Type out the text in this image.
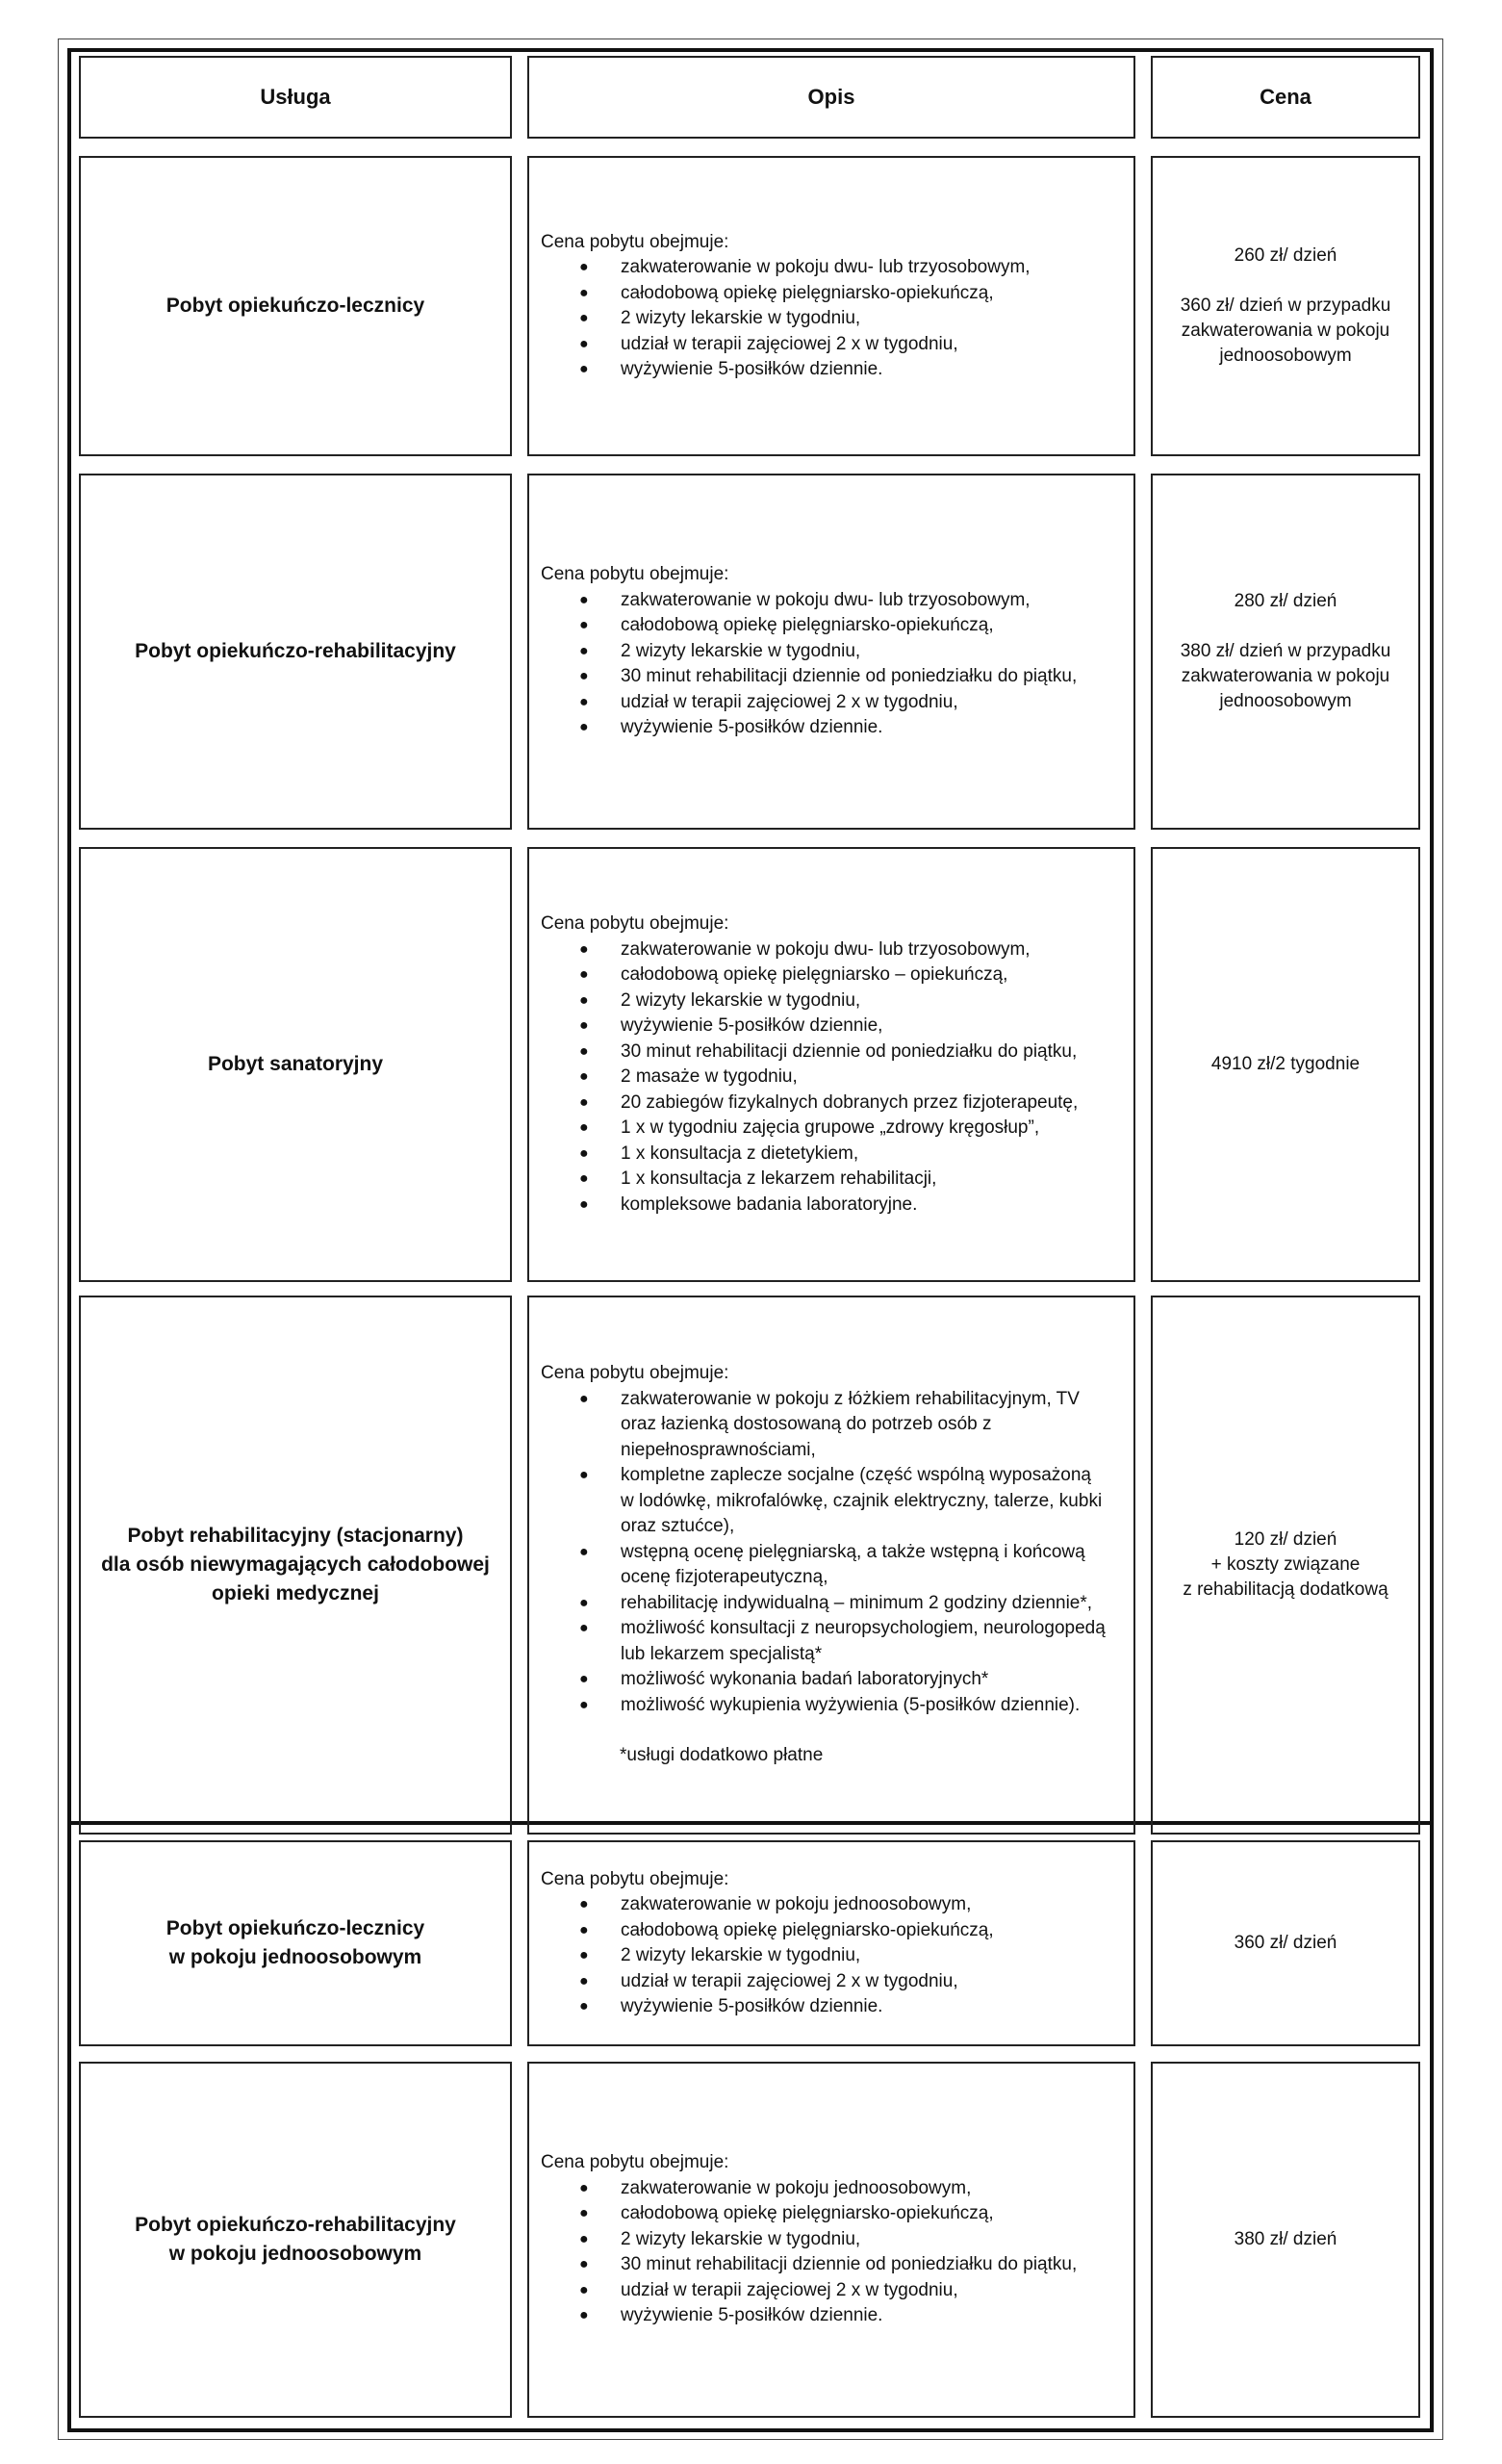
Usługa	Opis	Cena
Pobyt opiekuńczo-lecznicy
Cena pobytu obejmuje:
● zakwaterowanie w pokoju dwu- lub trzyosobowym,
● całodobową opiekę pielęgniarsko-opiekuńczą,
● 2 wizyty lekarskie w tygodniu,
● udział w terapii zajęciowej 2 x w tygodniu,
● wyżywienie 5-posiłków dziennie.

260 zł/ dzień

360 zł/ dzień w przypadku

zakwaterowania w pokoju

jednoosobowym

Pobyt opiekuńczo-rehabilitacyjny
Cena pobytu obejmuje:
● zakwaterowanie w pokoju dwu- lub trzyosobowym,
● całodobową opiekę pielęgniarsko-opiekuńczą,
● 2 wizyty lekarskie w tygodniu,
● 30 minut rehabilitacji dziennie od poniedziałku do piątku,
● udział w terapii zajęciowej 2 x w tygodniu,
● wyżywienie 5-posiłków dziennie.

280 zł/ dzień

380 zł/ dzień w przypadku

zakwaterowania w pokoju

jednoosobowym

Pobyt sanatoryjny
Cena pobytu obejmuje:
● zakwaterowanie w pokoju dwu- lub trzyosobowym,
● całodobową opiekę pielęgniarsko – opiekuńczą,
● 2 wizyty lekarskie w tygodniu,
● wyżywienie 5-posiłków dziennie,
● 30 minut rehabilitacji dziennie od poniedziałku do piątku,
● 2 masaże w tygodniu,
● 20 zabiegów fizykalnych dobranych przez fizjoterapeutę,
● 1 x w tygodniu zajęcia grupowe „zdrowy kręgosłup”,
● 1 x konsultacja z dietetykiem,
● 1 x konsultacja z lekarzem rehabilitacji,
● kompleksowe badania laboratoryjne.

4910 zł/2 tygodnie

Pobyt rehabilitacyjny (stacjonarny)
dla osób niewymagających całodobowej
opieki medycznej
Cena pobytu obejmuje:
● zakwaterowanie w pokoju z łóżkiem rehabilitacyjnym, TV
oraz łazienką dostosowaną do potrzeb osób z
niepełnosprawnościami,
● kompletne zaplecze socjalne (część wspólną wyposażoną
w lodówkę, mikrofalówkę, czajnik elektryczny, talerze, kubki
oraz sztućce),
● wstępną ocenę pielęgniarską, a także wstępną i końcową
ocenę fizjoterapeutyczną,
● rehabilitację indywidualną – minimum 2 godziny dziennie*,
● możliwość konsultacji z neuropsychologiem, neurologopedą
lub lekarzem specjalistą*
● możliwość wykonania badań laboratoryjnych*
● możliwość wykupienia wyżywienia (5-posiłków dziennie).
*usługi dodatkowo płatne

120 zł/ dzień

+ koszty związane

z rehabilitacją dodatkową

Pobyt opiekuńczo-lecznicy
w pokoju jednoosobowym
Cena pobytu obejmuje:
● zakwaterowanie w pokoju jednoosobowym,
● całodobową opiekę pielęgniarsko-opiekuńczą,
● 2 wizyty lekarskie w tygodniu,
● udział w terapii zajęciowej 2 x w tygodniu,
● wyżywienie 5-posiłków dziennie.

360 zł/ dzień

Pobyt opiekuńczo-rehabilitacyjny
w pokoju jednoosobowym
Cena pobytu obejmuje:
● zakwaterowanie w pokoju jednoosobowym,
● całodobową opiekę pielęgniarsko-opiekuńczą,
● 2 wizyty lekarskie w tygodniu,
● 30 minut rehabilitacji dziennie od poniedziałku do piątku,
● udział w terapii zajęciowej 2 x w tygodniu,
● wyżywienie 5-posiłków dziennie.

380 zł/ dzień
